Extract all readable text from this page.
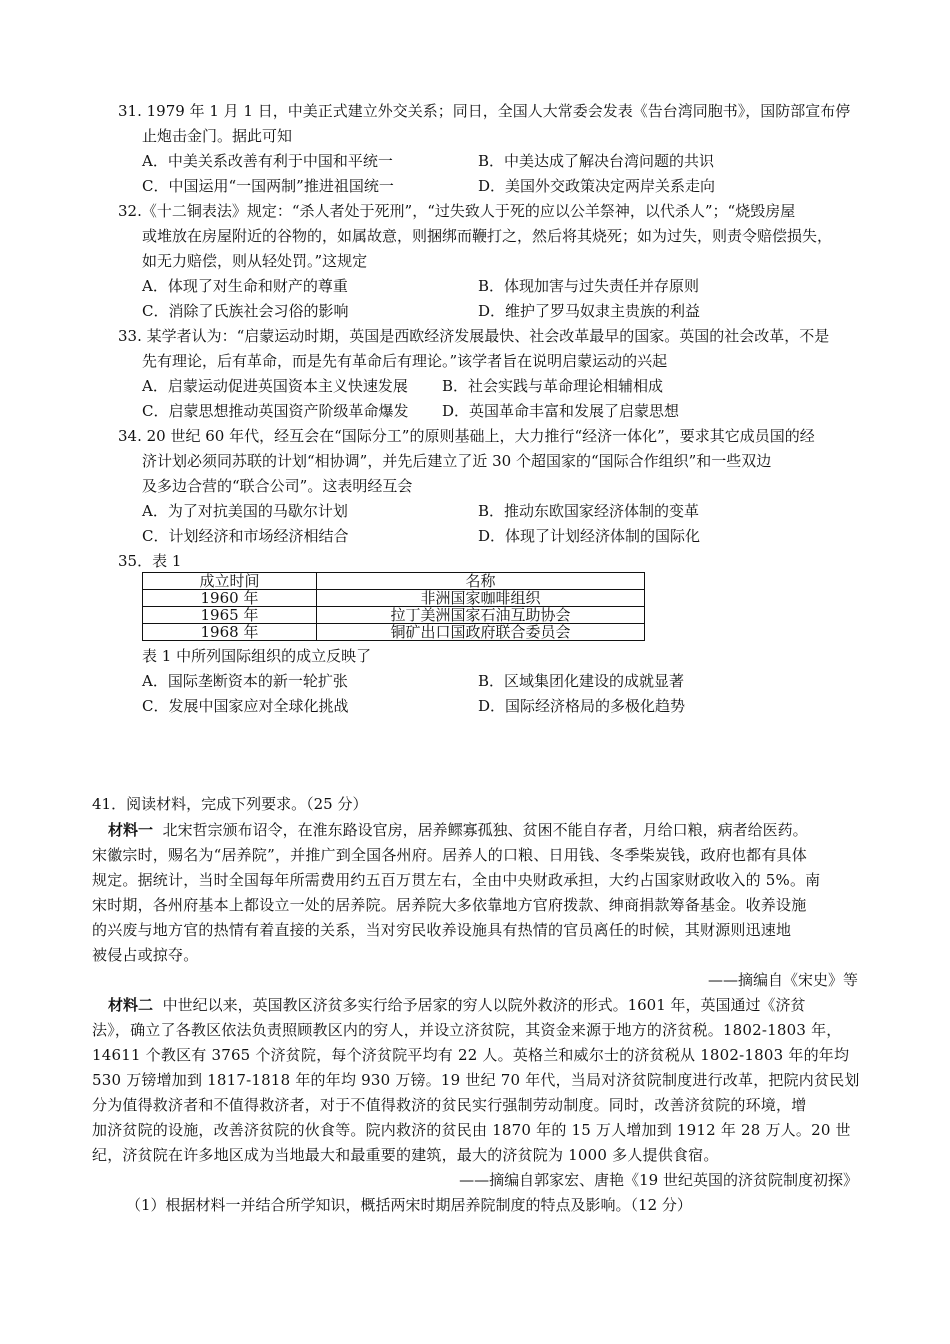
31. 1979 年 1 月 1 日，中美正式建立外交关系；同日，全国人大常委会发表《告台湾同胞书》，国防部宣布停
止炮击金门。据此可知
A．中美关系改善有利于中国和平统一	B．中美达成了解决台湾问题的共识
C．中国运用“一国两制”推进祖国统一	D．美国外交政策决定两岸关系走向
32.《十二铜表法》规定：“杀人者处于死刑”，“过失致人于死的应以公羊祭神，以代杀人”；“烧毁房屋
或堆放在房屋附近的谷物的，如属故意，则捆绑而鞭打之，然后将其烧死；如为过失，则责令赔偿损失，
如无力赔偿，则从轻处罚。”这规定
A．体现了对生命和财产的尊重	B．体现加害与过失责任并存原则
C．消除了氏族社会习俗的影响	D．维护了罗马奴隶主贵族的利益
33. 某学者认为：“启蒙运动时期，英国是西欧经济发展最快、社会改革最早的国家。英国的社会改革，不是
先有理论，后有革命，而是先有革命后有理论。”该学者旨在说明启蒙运动的兴起
A．启蒙运动促进英国资本主义快速发展 B．社会实践与革命理论相辅相成
C．启蒙思想推动英国资产阶级革命爆发 D．英国革命丰富和发展了启蒙思想
34. 20 世纪 60 年代，经互会在“国际分工”的原则基础上，大力推行“经济一体化”，要求其它成员国的经
济计划必须同苏联的计划“相协调”，并先后建立了近 30 个超国家的“国际合作组织”和一些双边
及多边合营的“联合公司”。这表明经互会
A．为了对抗美国的马歇尔计划	B．推动东欧国家经济体制的变革
C．计划经济和市场经济相结合	D．体现了计划经济体制的国际化
35．表 1
成立时间	名称
1960 年	非洲国家咖啡组织
1965 年	拉丁美洲国家石油互助协会
1968 年	铜矿出口国政府联合委员会
表 1 中所列国际组织的成立反映了
A．国际垄断资本的新一轮扩张	B．区域集团化建设的成就显著
C．发展中国家应对全球化挑战	D．国际经济格局的多极化趋势
41．阅读材料，完成下列要求。（25 分）
材料一 北宋哲宗颁布诏令，在淮东路设官房，居养鳏寡孤独、贫困不能自存者，月给口粮，病者给医药。
宋徽宗时，赐名为“居养院”，并推广到全国各州府。居养人的口粮、日用钱、冬季柴炭钱，政府也都有具体
规定。据统计，当时全国每年所需费用约五百万贯左右，全由中央财政承担，大约占国家财政收入的 5%。南
宋时期，各州府基本上都设立一处的居养院。居养院大多依靠地方官府拨款、绅商捐款筹备基金。收养设施
的兴废与地方官的热情有着直接的关系，当对穷民收养设施具有热情的官员离任的时候，其财源则迅速地
被侵占或掠夺。
——摘编自《宋史》等
材料二 中世纪以来，英国教区济贫多实行给予居家的穷人以院外救济的形式。1601 年，英国通过《济贫
法》，确立了各教区依法负责照顾教区内的穷人，并设立济贫院，其资金来源于地方的济贫税。1802-1803 年，
14611 个教区有 3765 个济贫院，每个济贫院平均有 22 人。英格兰和威尔士的济贫税从 1802-1803 年的年均
530 万镑增加到 1817-1818 年的年均 930 万镑。19 世纪 70 年代，当局对济贫院制度进行改革，把院内贫民划
分为值得救济者和不值得救济者，对于不值得救济的贫民实行强制劳动制度。同时，改善济贫院的环境，增
加济贫院的设施，改善济贫院的伙食等。院内救济的贫民由 1870 年的 15 万人增加到 1912 年 28 万人。20 世
纪，济贫院在许多地区成为当地最大和最重要的建筑，最大的济贫院为 1000 多人提供食宿。
——摘编自郭家宏、唐艳《19 世纪英国的济贫院制度初探》
（1）根据材料一并结合所学知识，概括两宋时期居养院制度的特点及影响。（12 分）
